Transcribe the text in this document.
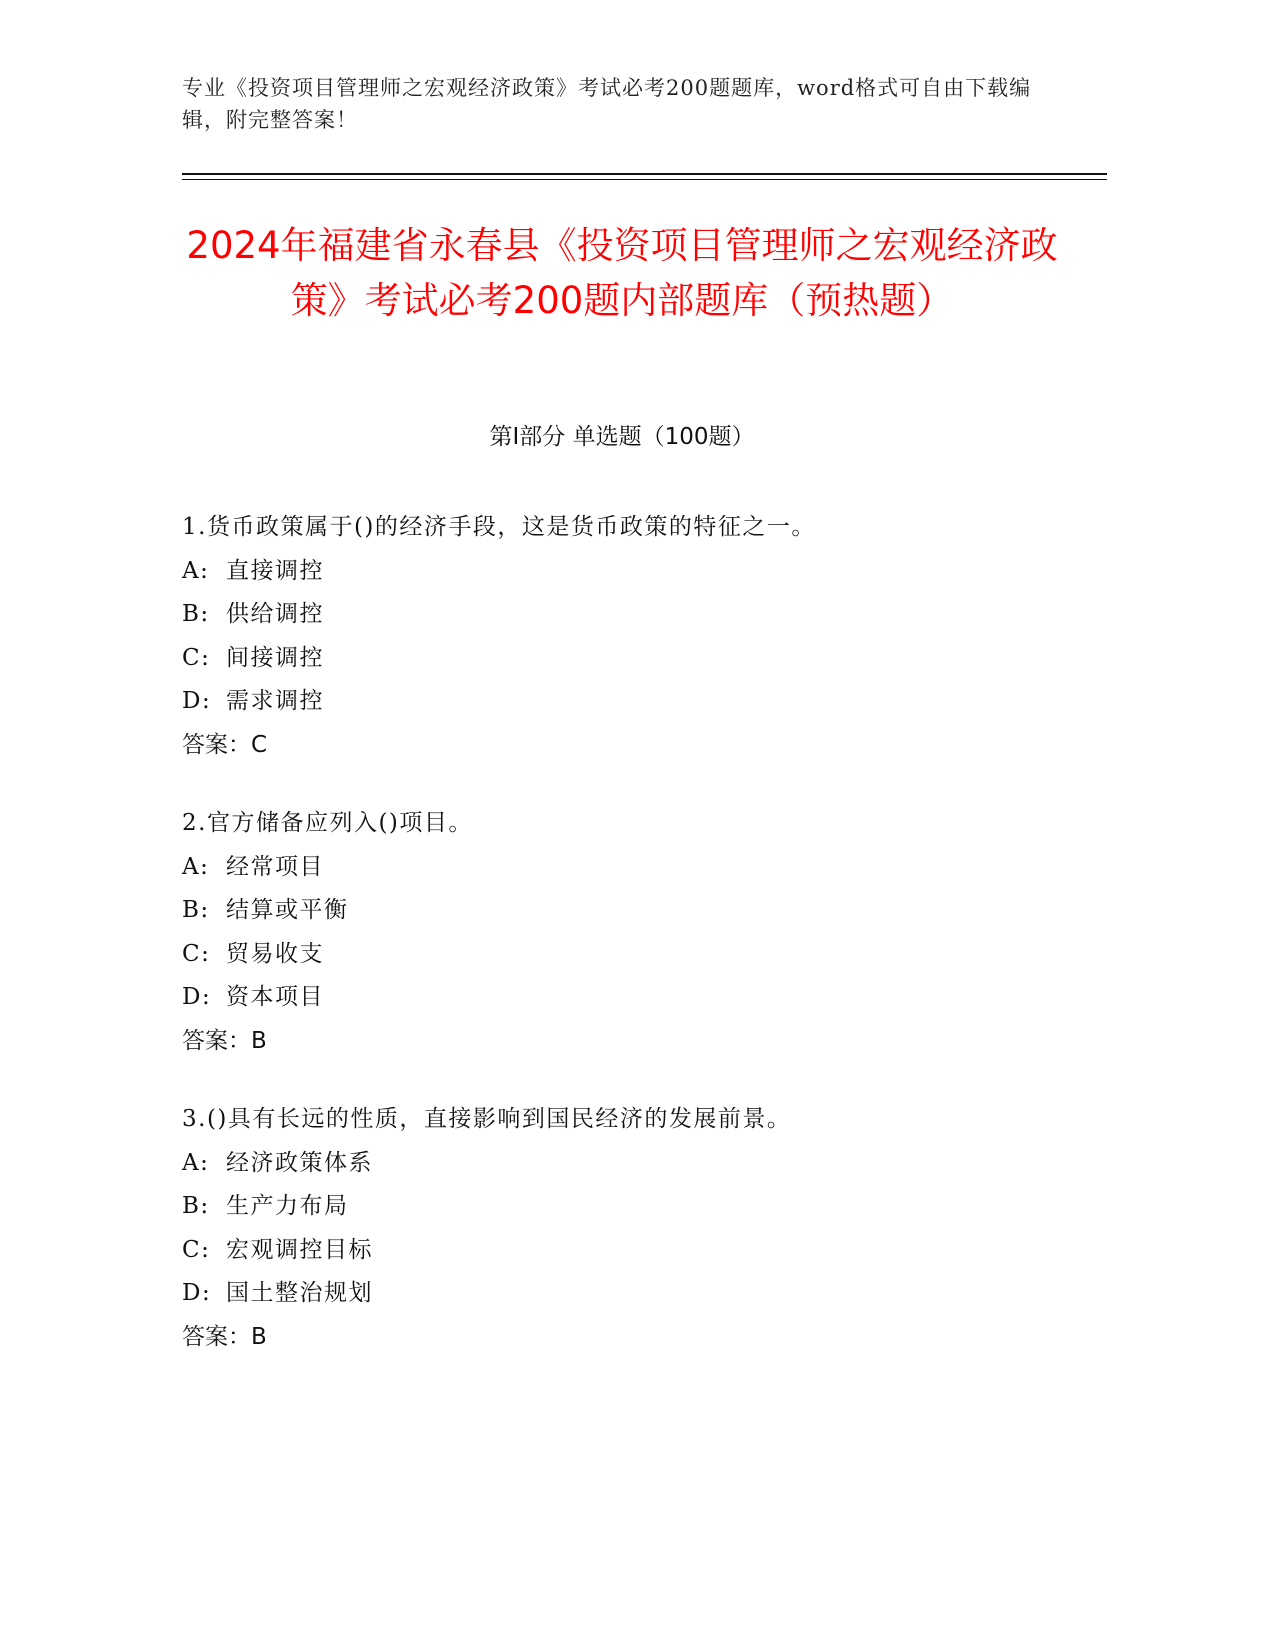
专业《投资项目管理师之宏观经济政策》考试必考200题题库，word格式可自由下载编辑，附完整答案！
2024年福建省永春县《投资项目管理师之宏观经济政策》考试必考200题内部题库（预热题）
第Ⅰ部分 单选题（100题）
1.货币政策属于()的经济手段，这是货币政策的特征之一。
A: 直接调控
B: 供给调控
C: 间接调控
D: 需求调控
答案：C
2.官方储备应列入()项目。
A: 经常项目
B: 结算或平衡
C: 贸易收支
D: 资本项目
答案：B
3.()具有长远的性质，直接影响到国民经济的发展前景。
A: 经济政策体系
B: 生产力布局
C: 宏观调控目标
D: 国土整治规划
答案：B
